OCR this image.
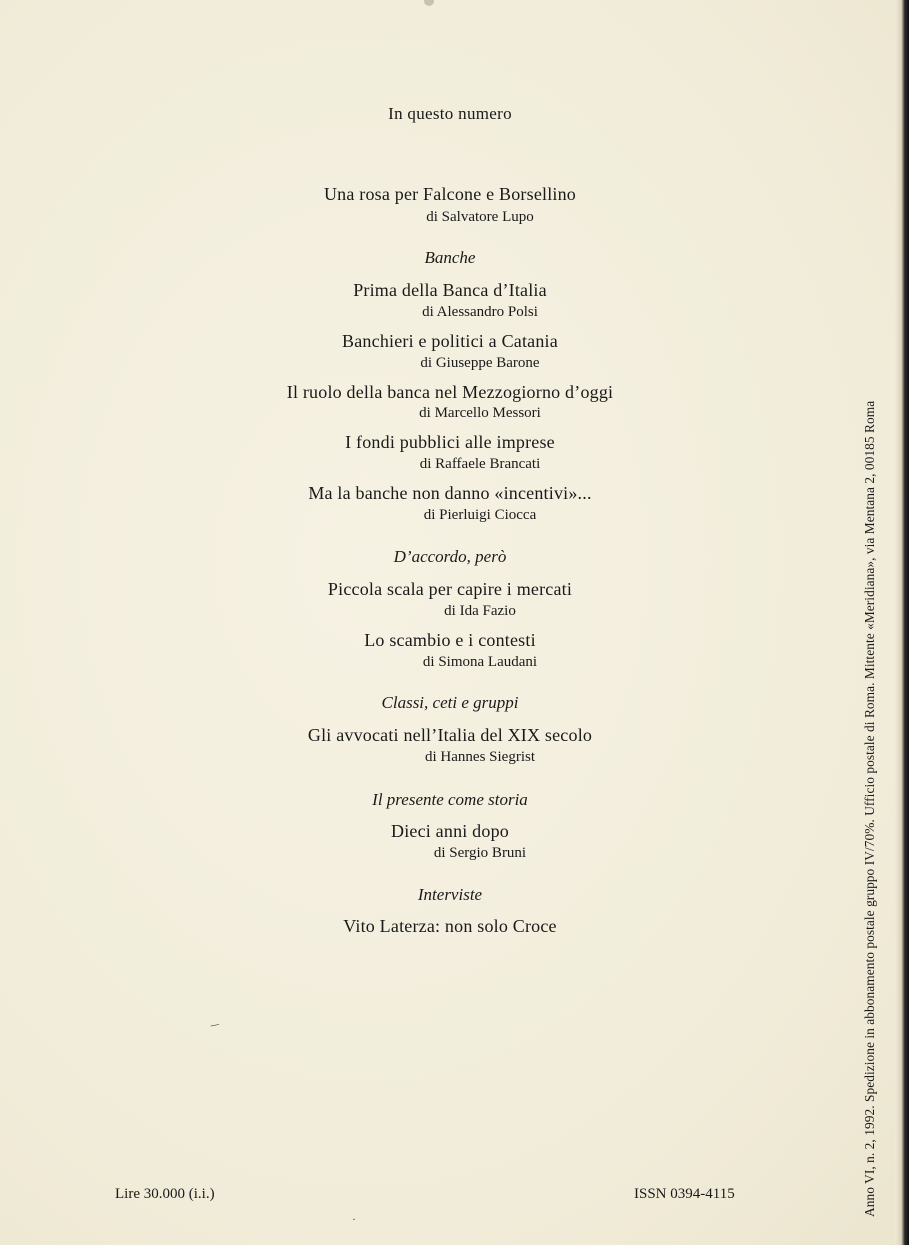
In questo numero
Una rosa per Falcone e Borsellino
di Salvatore Lupo
Banche
Prima della Banca d’Italia
di Alessandro Polsi
Banchieri e politici a Catania
di Giuseppe Barone
Il ruolo della banca nel Mezzogiorno d’oggi
di Marcello Messori
I fondi pubblici alle imprese
di Raffaele Brancati
Ma la banche non danno «incentivi»...
di Pierluigi Ciocca
D’accordo, però
Piccola scala per capire i mercati
di Ida Fazio
Lo scambio e i contesti
di Simona Laudani
Classi, ceti e gruppi
Gli avvocati nell’Italia del XIX secolo
di Hannes Siegrist
Il presente come storia
Dieci anni dopo
di Sergio Bruni
Interviste
Vito Laterza: non solo Croce
Lire 30.000 (i.i.)	ISSN 0394-4115	Anno VI, n. 2, 1992. Spedizione in abbonamento postale gruppo IV/70%. Ufficio postale di Roma. Mittente «Meridiana», via Mentana 2, 00185 Roma
/
·
